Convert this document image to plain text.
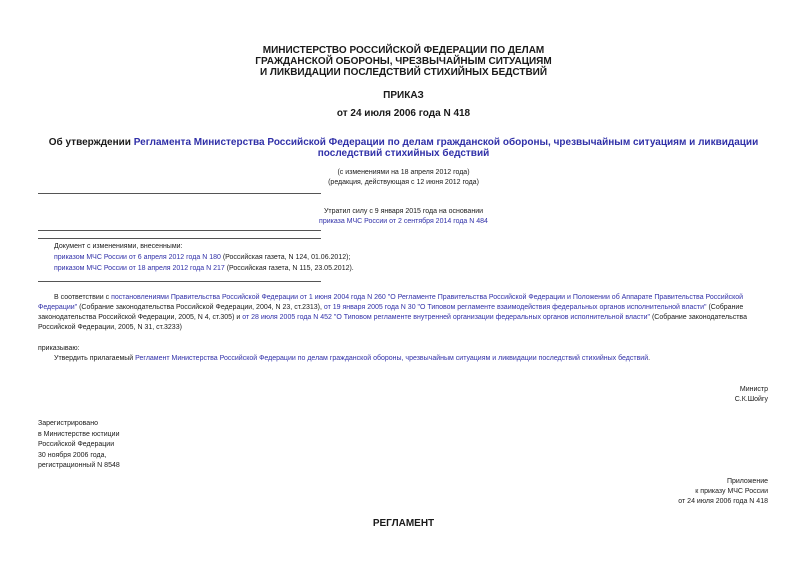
МИНИСТЕРСТВО РОССИЙСКОЙ ФЕДЕРАЦИИ ПО ДЕЛАМ
ГРАЖДАНСКОЙ ОБОРОНЫ, ЧРЕЗВЫЧАЙНЫМ СИТУАЦИЯМ
И ЛИКВИДАЦИИ ПОСЛЕДСТВИЙ СТИХИЙНЫХ БЕДСТВИЙ
ПРИКАЗ
от 24 июля 2006 года N 418
Об утверждении Регламента Министерства Российской Федерации по делам гражданской обороны, чрезвычайным ситуациям и ликвидации последствий стихийных бедствий
(с изменениями на 18 апреля 2012 года)
(редакция, действующая с 12 июня 2012 года)
Утратил силу с 9 января 2015 года на основании
приказа МЧС России от 2 сентября 2014 года N 484
Документ с изменениями, внесенными:
приказом МЧС России от 6 апреля 2012 года N 180 (Российская газета, N 124, 01.06.2012);
приказом МЧС России от 18 апреля 2012 года N 217 (Российская газета, N 115, 23.05.2012).
В соответствии с постановлениями Правительства Российской Федерации от 1 июня 2004 года N 260 "О Регламенте Правительства Российской Федерации и Положении об Аппарате Правительства Российской Федерации" (Собрание законодательства Российской Федерации, 2004, N 23, ст.2313), от 19 января 2005 года N 30 "О Типовом регламенте взаимодействия федеральных органов исполнительной власти" (Собрание законодательства Российской Федерации, 2005, N 4, ст.305) и от 28 июля 2005 года N 452 "О Типовом регламенте внутренней организации федеральных органов исполнительной власти" (Собрание законодательства Российской Федерации, 2005, N 31, ст.3233)
приказываю:
Утвердить прилагаемый Регламент Министерства Российской Федерации по делам гражданской обороны, чрезвычайным ситуациям и ликвидации последствий стихийных бедствий.
Министр
С.К.Шойгу
Зарегистрировано
в Министерстве юстиции
Российской Федерации
30 ноября 2006 года,
регистрационный N 8548
Приложение
к приказу МЧС России
от 24 июля 2006 года N 418
РЕГЛАМЕНТ
